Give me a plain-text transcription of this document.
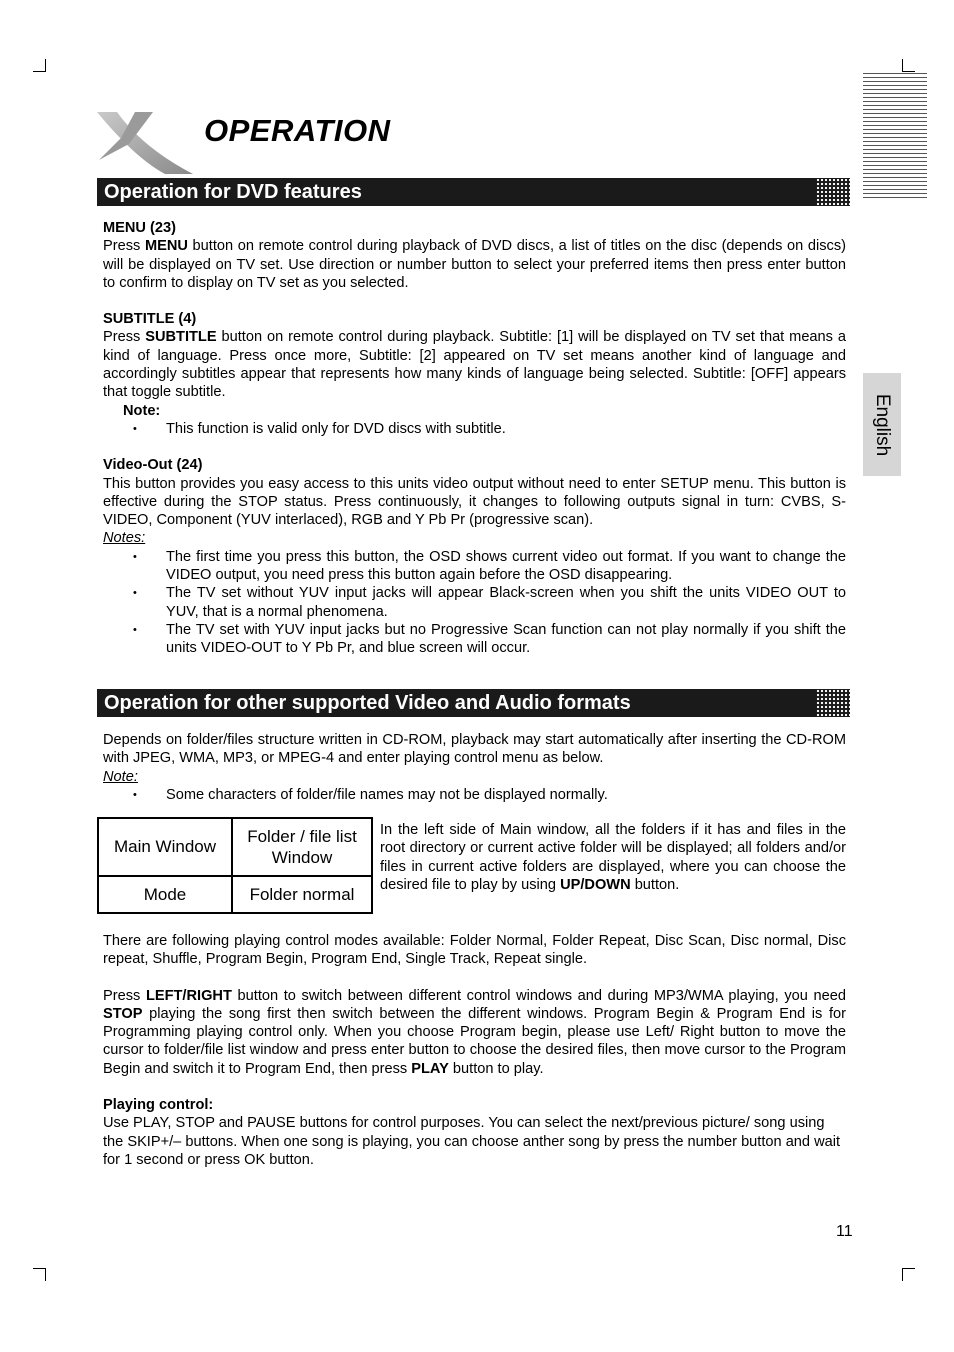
OPERATION
English
Operation for DVD features

MENU (23)

Press MENU button on remote control during playback of DVD discs, a list of titles on the disc (depends on discs) will be displayed on TV set. Use direction or number button to select your preferred items then press enter button to confirm to display on TV set as you selected.

SUBTITLE (4)

Press SUBTITLE button on remote control during playback. Subtitle: [1] will be displayed on TV set that means a kind of language. Press once more, Subtitle: [2] appeared on TV set means another kind of language and accordingly subtitles appear that represents how many kinds of language being selected. Subtitle: [OFF] appears that toggle subtitle.

Note:

• This function is valid only for DVD discs with subtitle.

Video-Out (24)

This button provides you easy access to this units video output without need to enter SETUP menu. This button is effective during the STOP status. Press continuously, it changes to following outputs signal in turn: CVBS, S-VIDEO, Component (YUV interlaced), RGB and Y Pb Pr (progressive scan).

Notes:

• The first time you press this button, the OSD shows current video out format. If you want to change the VIDEO output, you need press this button again before the OSD disappearing.
• The TV set without YUV input jacks will appear Black-screen when you shift the units VIDEO OUT to YUV, that is a normal phenomena.
• The TV set with YUV input jacks but no Progressive Scan function can not play normally if you shift the units VIDEO-OUT to Y Pb Pr, and blue screen will occur.
Operation for other supported Video and Audio formats

Depends on folder/files structure written in CD-ROM, playback may start automatically after inserting the CD-ROM with JPEG, WMA, MP3, or MPEG-4 and enter playing control menu as below.

Note:

• Some characters of folder/file names may not be displayed normally.
Main Window	Folder / file list Window
Mode	Folder normal

In the left side of Main window, all the folders if it has and files in the root directory or current active folder will be displayed; all folders and/or files in current active folders are displayed, where you can choose the desired file to play by using UP/DOWN button.

There are following playing control modes available: Folder Normal, Folder Repeat, Disc Scan, Disc normal, Disc repeat, Shuffle, Program Begin, Program End, Single Track, Repeat single.

Press LEFT/RIGHT button to switch between different control windows and during MP3/WMA playing, you need STOP playing the song first then switch between the different windows. Program Begin & Program End is for Programming playing control only. When you choose Program begin, please use Left/ Right button to move the cursor to folder/file list window and press enter button to choose the desired files, then move cursor to the Program Begin and switch it to Program End, then press PLAY button to play.

Playing control:

Use PLAY, STOP and PAUSE buttons for control purposes. You can select the next/previous picture/ song using the SKIP+/– buttons. When one song is playing, you can choose anther song by press the number button and wait for 1 second or press OK button.

11
